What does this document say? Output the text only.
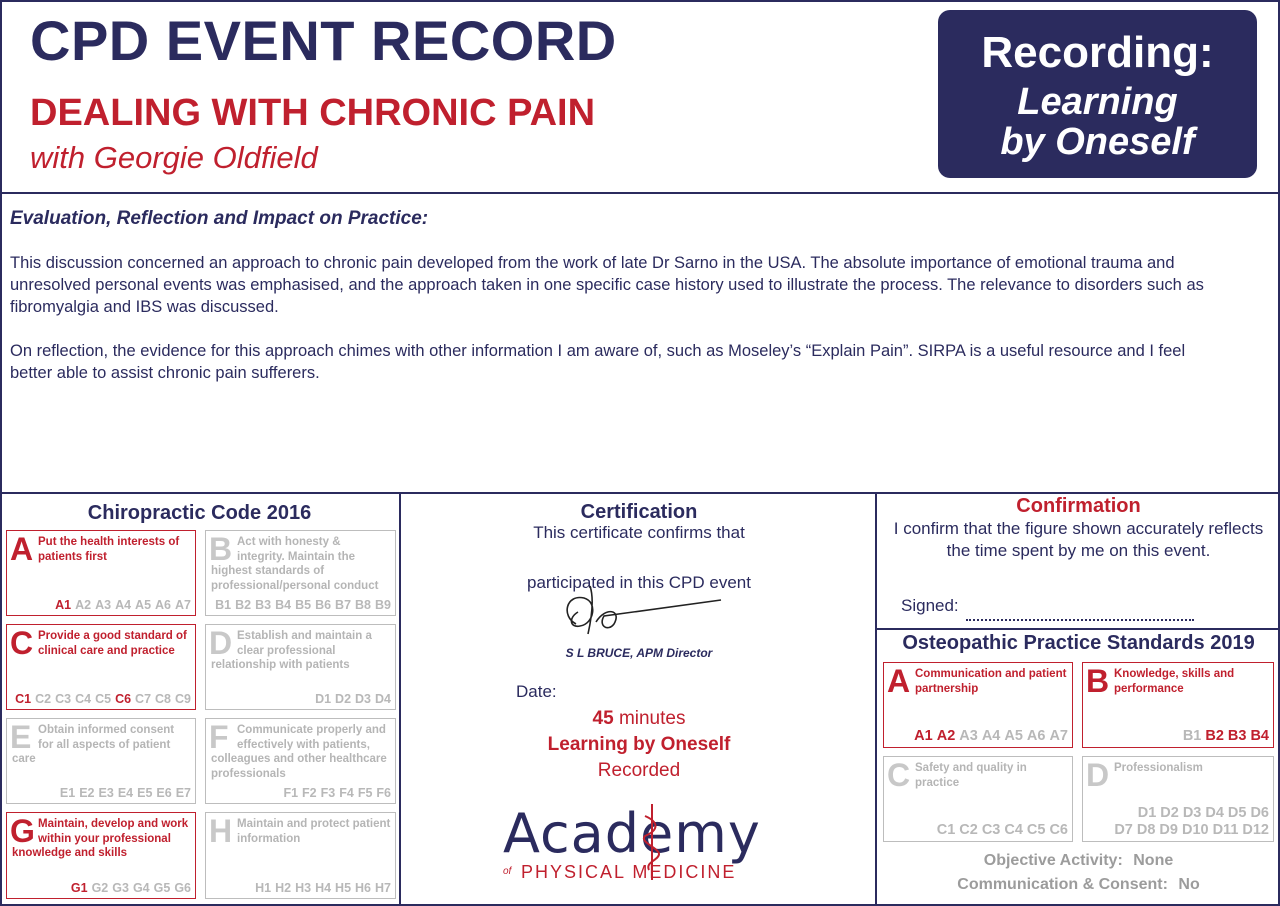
CPD EVENT RECORD
DEALING WITH CHRONIC PAIN
with Georgie Oldfield
Recording:
Learning
by Oneself
Evaluation, Reflection and Impact on Practice:

This discussion concerned an approach to chronic pain developed from the work of late Dr Sarno in the USA. The absolute importance of emotional trauma and unresolved personal events was emphasised, and the approach taken in one specific case history used to illustrate the process. The relevance to disorders such as fibromyalgia and IBS was discussed.

On reflection, the evidence for this approach chimes with other information I am aware of, such as Moseley’s “Explain Pain”. SIRPA is a useful resource and I feel better able to assist chronic pain sufferers.

Chiropractic Code 2016
A Put the health interests of patients first
A1 A2 A3 A4 A5 A6 A7
B Act with honesty & integrity. Maintain the highest standards of professional/personal conduct
B1 B2 B3 B4 B5 B6 B7 B8 B9
C Provide a good standard of clinical care and practice
C1 C2 C3 C4 C5 C6 C7 C8 C9
D Establish and maintain a clear professional relationship with patients
D1 D2 D3 D4
E Obtain informed consent for all aspects of patient care
E1 E2 E3 E4 E5 E6 E7
F Communicate properly and effectively with patients, colleagues and other healthcare professionals
F1 F2 F3 F4 F5 F6
G Maintain, develop and work within your professional knowledge and skills
G1 G2 G3 G4 G5 G6
H Maintain and protect patient information
H1 H2 H3 H4 H5 H6 H7
Certification
This certificate confirms that
participated in this CPD event
S L BRUCE, APM Director
Date:
45 minutes
Learning by Oneself
Recorded
Academy
of PHYSICAL MEDICINE
Confirmation
I confirm that the figure shown accurately reflects the time spent by me on this event.
Signed:
Osteopathic Practice Standards 2019
A Communication and patient partnership
A1 A2 A3 A4 A5 A6 A7
B Knowledge, skills and performance
B1 B2 B3 B4
C Safety and quality in practice
C1 C2 C3 C4 C5 C6
D Professionalism
D1 D2 D3 D4 D5 D6
D7 D8 D9 D10 D11 D12
Objective Activity: None
Communication & Consent: No
